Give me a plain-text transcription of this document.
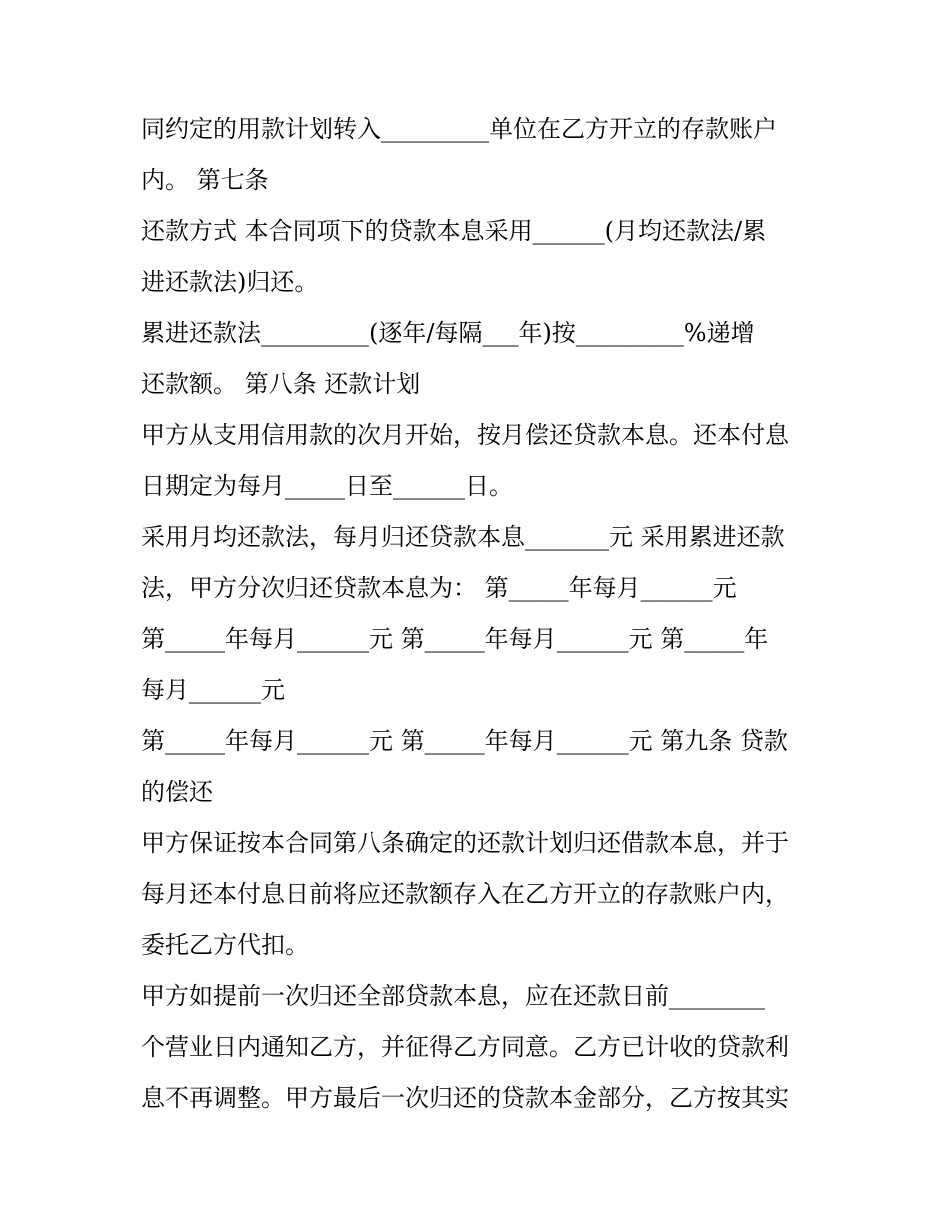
同约定的用款计划转入_________单位在乙方开立的存款账户
内。 第七条
还款方式 本合同项下的贷款本息采用______(月均还款法/累
进还款法)归还。
累进还款法_________(逐年/每隔___年)按_________%递增
还款额。 第八条 还款计划
甲方从支用信用款的次月开始，按月偿还贷款本息。还本付息
日期定为每月_____日至______日。
采用月均还款法，每月归还贷款本息_______元 采用累进还款
法，甲方分次归还贷款本息为： 第_____年每月______元
第_____年每月______元 第_____年每月______元 第_____年
每月______元
第_____年每月______元 第_____年每月______元 第九条 贷款
的偿还
甲方保证按本合同第八条确定的还款计划归还借款本息，并于
每月还本付息日前将应还款额存入在乙方开立的存款账户内，
委托乙方代扣。
甲方如提前一次归还全部贷款本息，应在还款日前________
个营业日内通知乙方，并征得乙方同意。乙方已计收的贷款利
息不再调整。甲方最后一次归还的贷款本金部分，乙方按其实
